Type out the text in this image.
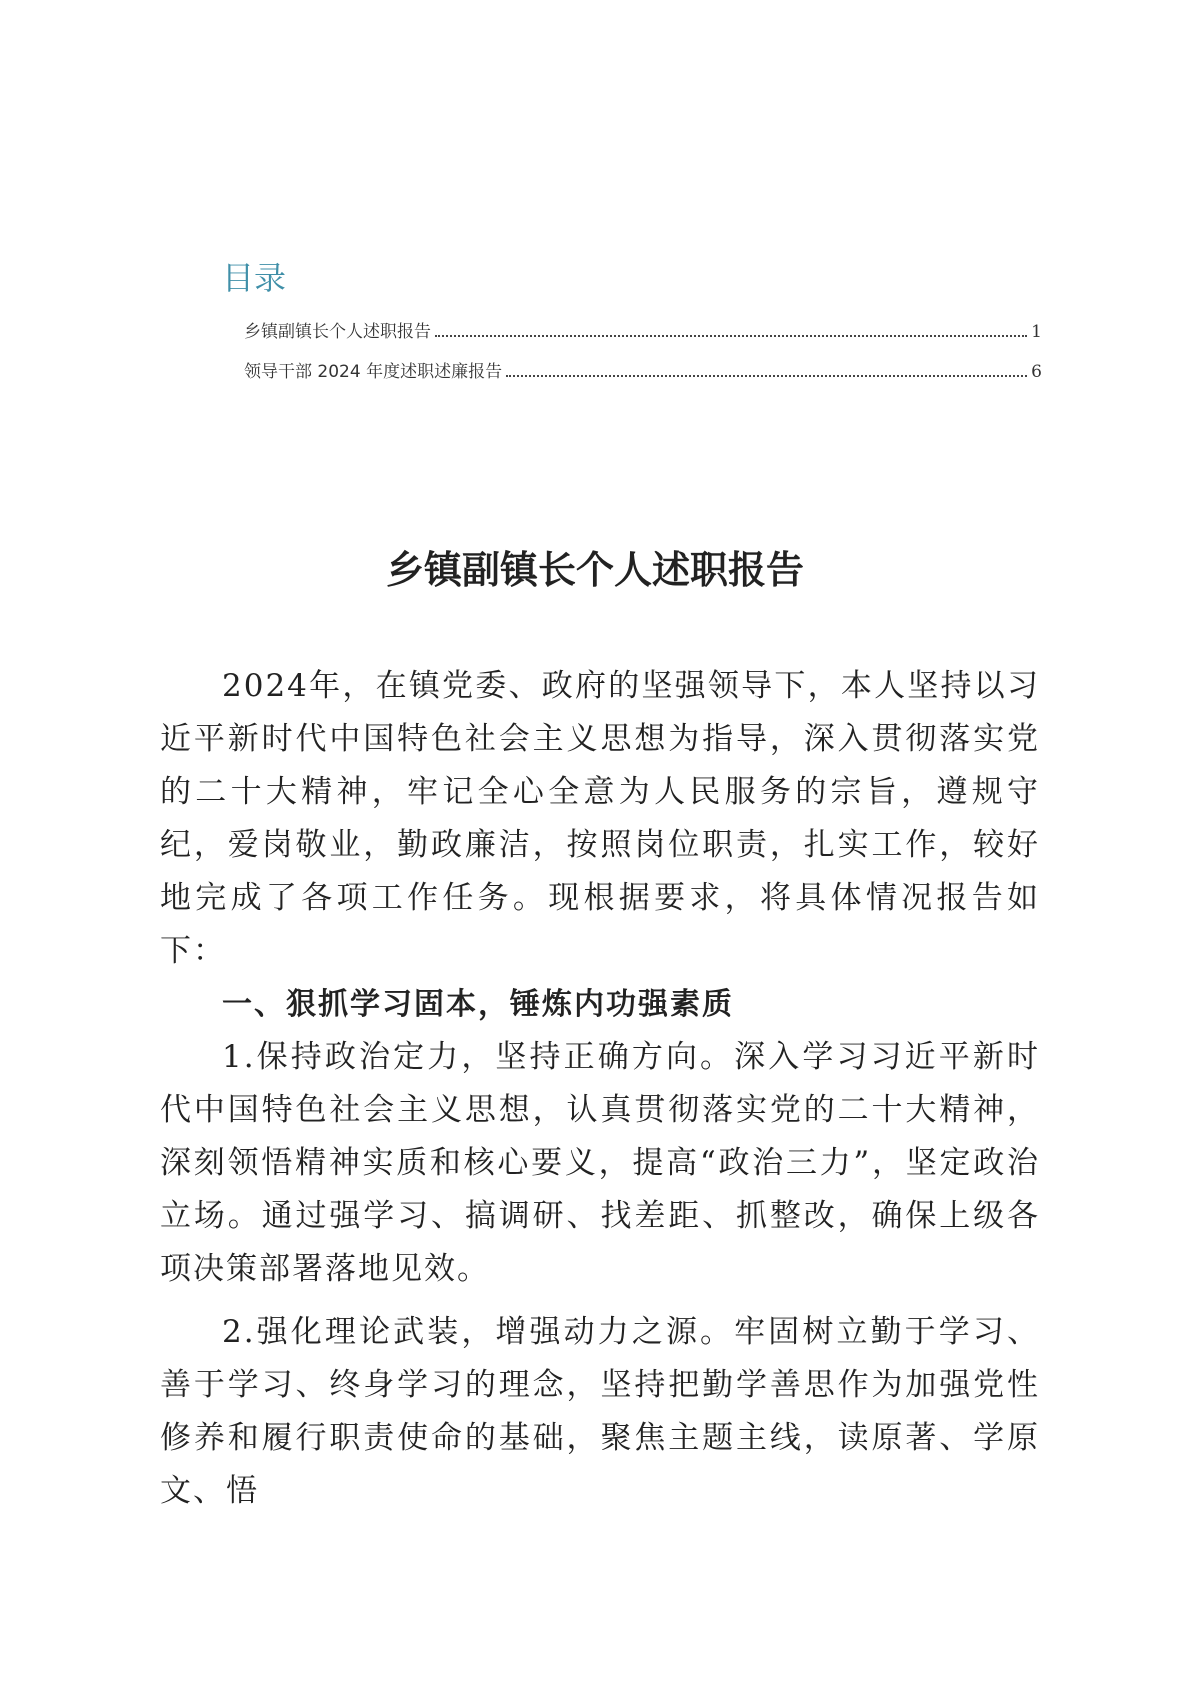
目录
乡镇副镇长个人述职报告	1
领导干部 2024 年度述职述廉报告	6
乡镇副镇长个人述职报告

2024年，在镇党委、政府的坚强领导下，本人坚持以习近平新时代中国特色社会主义思想为指导，深入贯彻落实党的二十大精神，牢记全心全意为人民服务的宗旨，遵规守纪，爱岗敬业，勤政廉洁，按照岗位职责，扎实工作，较好地完成了各项工作任务。现根据要求，将具体情况报告如下：

一、狠抓学习固本，锤炼内功强素质

1.保持政治定力，坚持正确方向。深入学习习近平新时代中国特色社会主义思想，认真贯彻落实党的二十大精神，深刻领悟精神实质和核心要义，提高“政治三力”，坚定政治立场。通过强学习、搞调研、找差距、抓整改，确保上级各项决策部署落地见效。

2.强化理论武装，增强动力之源。牢固树立勤于学习、善于学习、终身学习的理念，坚持把勤学善思作为加强党性修养和履行职责使命的基础，聚焦主题主线，读原著、学原文、悟
